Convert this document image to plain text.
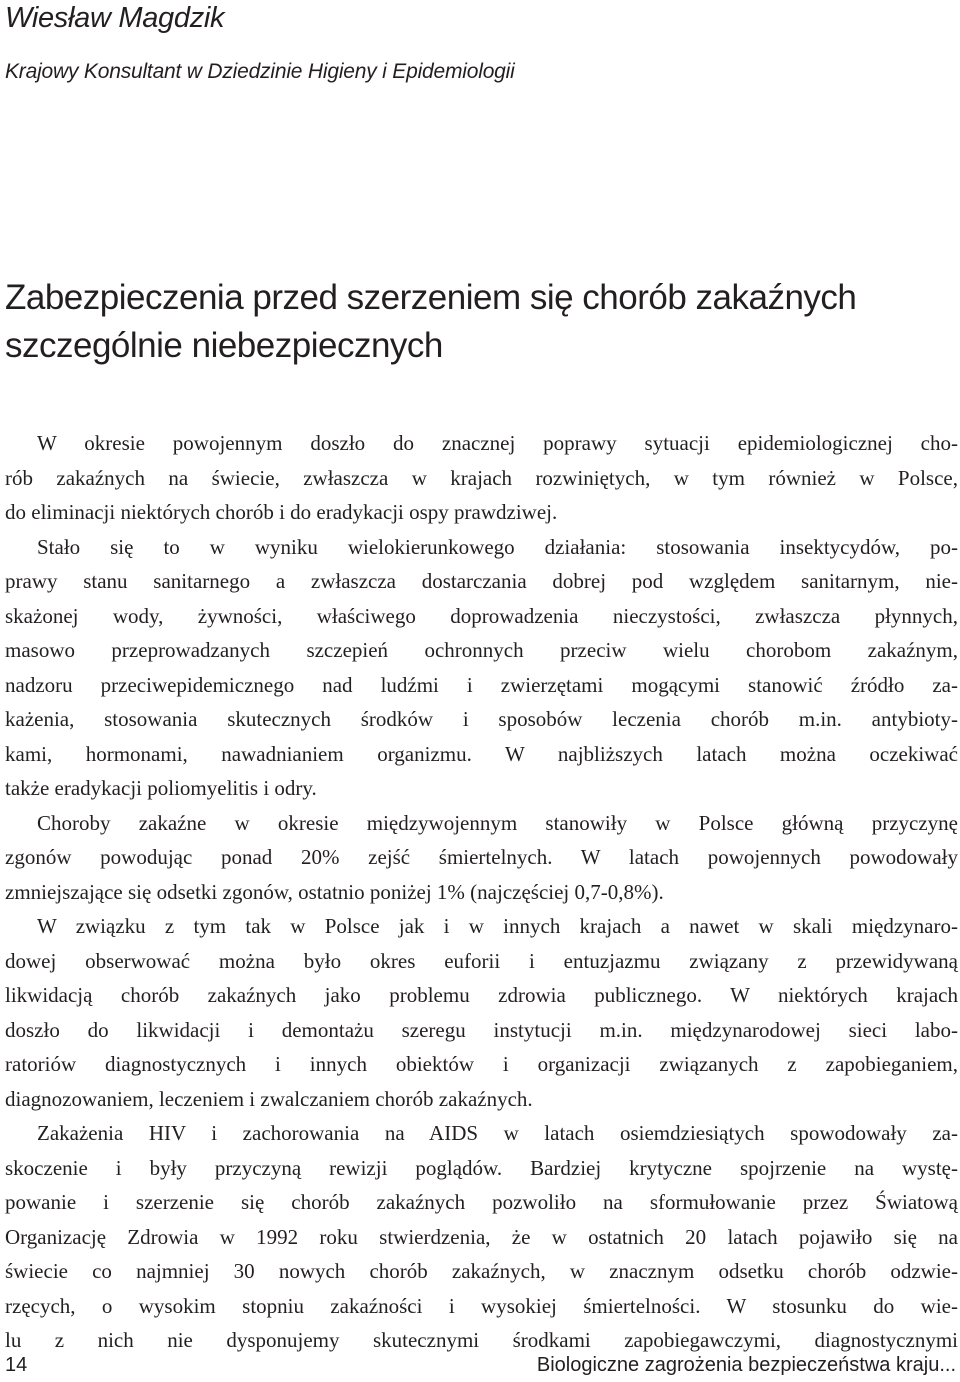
Wiesław Magdzik
Krajowy Konsultant w Dziedzinie Higieny i Epidemiologii
Zabezpieczenia przed szerzeniem się chorób zakaźnych
szczególnie niebezpiecznych
W okresie powojennym doszło do znacznej poprawy sytuacji epidemiologicznej cho-
rób zakaźnych na świecie, zwłaszcza w krajach rozwiniętych, w tym również w Polsce,
do eliminacji niektórych chorób i do eradykacji ospy prawdziwej.
Stało się to w wyniku wielokierunkowego działania: stosowania insektycydów, po-
prawy stanu sanitarnego a zwłaszcza dostarczania dobrej pod względem sanitarnym, nie-
skażonej wody, żywności, właściwego doprowadzenia nieczystości, zwłaszcza płynnych,
masowo przeprowadzanych szczepień ochronnych przeciw wielu chorobom zakaźnym,
nadzoru przeciwepidemicznego nad ludźmi i zwierzętami mogącymi stanowić źródło za-
każenia, stosowania skutecznych środków i sposobów leczenia chorób m.in. antybioty-
kami, hormonami, nawadnianiem organizmu. W najbliższych latach można oczekiwać
także eradykacji poliomyelitis i odry.
Choroby zakaźne w okresie międzywojennym stanowiły w Polsce główną przyczynę
zgonów powodując ponad 20% zejść śmiertelnych. W latach powojennych powodowały
zmniejszające się odsetki zgonów, ostatnio poniżej 1% (najczęściej 0,7-0,8%).
W związku z tym tak w Polsce jak i w innych krajach a nawet w skali międzynaro-
dowej obserwować można było okres euforii i entuzjazmu związany z przewidywaną
likwidacją chorób zakaźnych jako problemu zdrowia publicznego. W niektórych krajach
doszło do likwidacji i demontażu szeregu instytucji m.in. międzynarodowej sieci labo-
ratoriów diagnostycznych i innych obiektów i organizacji związanych z zapobieganiem,
diagnozowaniem, leczeniem i zwalczaniem chorób zakaźnych.
Zakażenia HIV i zachorowania na AIDS w latach osiemdziesiątych spowodowały za-
skoczenie i były przyczyną rewizji poglądów. Bardziej krytyczne spojrzenie na wystę-
powanie i szerzenie się chorób zakaźnych pozwoliło na sformułowanie przez Światową
Organizację Zdrowia w 1992 roku stwierdzenia, że w ostatnich 20 latach pojawiło się na
świecie co najmniej 30 nowych chorób zakaźnych, w znacznym odsetku chorób odzwie-
rzęcych, o wysokim stopniu zakaźności i wysokiej śmiertelności. W stosunku do wie-
lu z nich nie dysponujemy skutecznymi środkami zapobiegawczymi, diagnostycznymi
14	Biologiczne zagrożenia bezpieczeństwa kraju...
